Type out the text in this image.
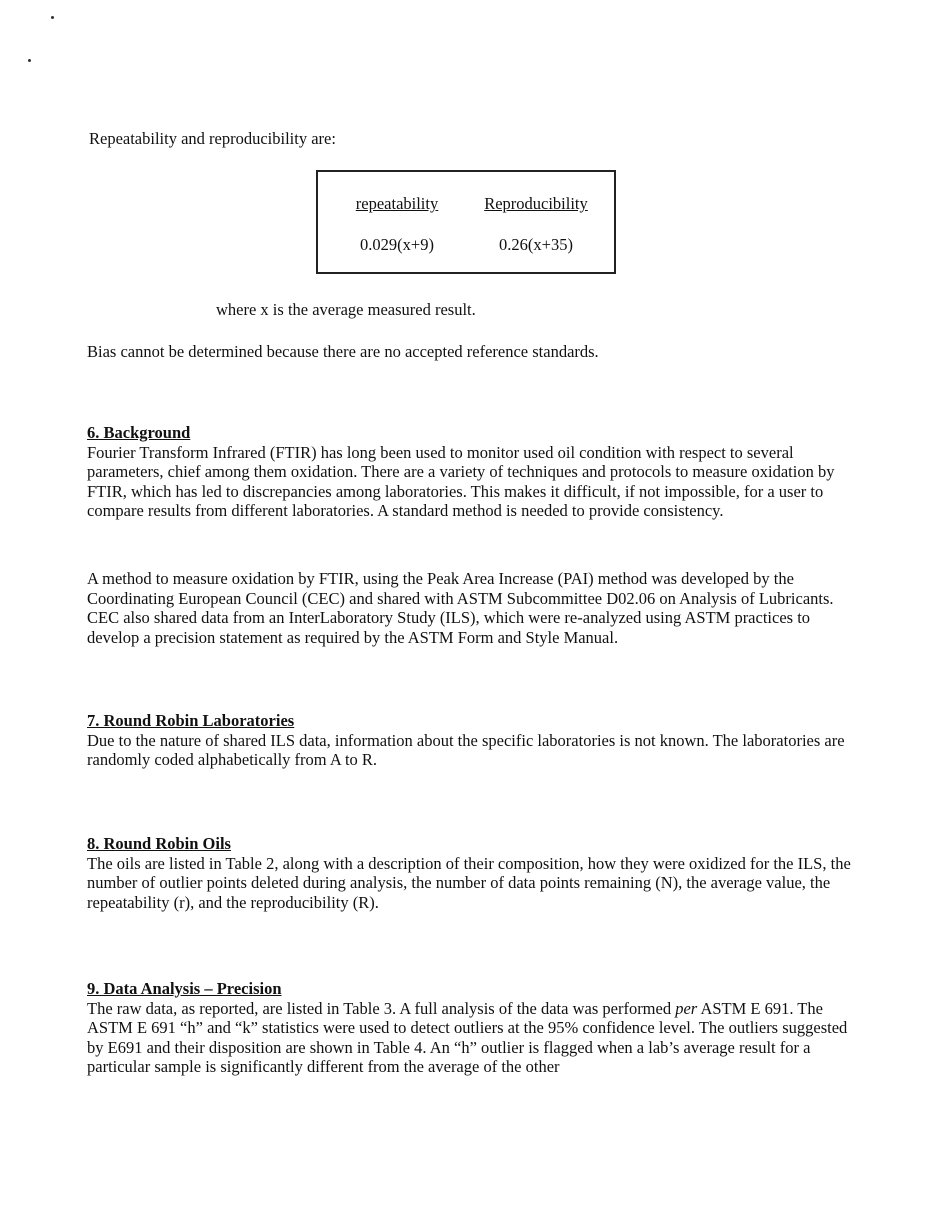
Repeatability and reproducibility are:

repeatability	Reproducibility
0.029(x+9)	0.26(x+35)

where x is the average measured result.

Bias cannot be determined because there are no accepted reference standards.

6. Background
Fourier Transform Infrared (FTIR) has long been used to monitor used oil condition with respect to several parameters, chief among them oxidation. There are a variety of techniques and protocols to measure oxidation by FTIR, which has led to discrepancies among laboratories. This makes it difficult, if not impossible, for a user to compare results from different laboratories. A standard method is needed to provide consistency.

A method to measure oxidation by FTIR, using the Peak Area Increase (PAI) method was developed by the Coordinating European Council (CEC) and shared with ASTM Subcommittee D02.06 on Analysis of Lubricants. CEC also shared data from an InterLaboratory Study (ILS), which were re-analyzed using ASTM practices to develop a precision statement as required by the ASTM Form and Style Manual.

7. Round Robin Laboratories
Due to the nature of shared ILS data, information about the specific laboratories is not known. The laboratories are randomly coded alphabetically from A to R.
8. Round Robin Oils
The oils are listed in Table 2, along with a description of their composition, how they were oxidized for the ILS, the number of outlier points deleted during analysis, the number of data points remaining (N), the average value, the repeatability (r), and the reproducibility (R).
9. Data Analysis – Precision
The raw data, as reported, are listed in Table 3. A full analysis of the data was performed per ASTM E 691. The ASTM E 691 “h” and “k” statistics were used to detect outliers at the 95% confidence level. The outliers suggested by E691 and their disposition are shown in Table 4. An “h” outlier is flagged when a lab’s average result for a particular sample is significantly different from the average of the other
